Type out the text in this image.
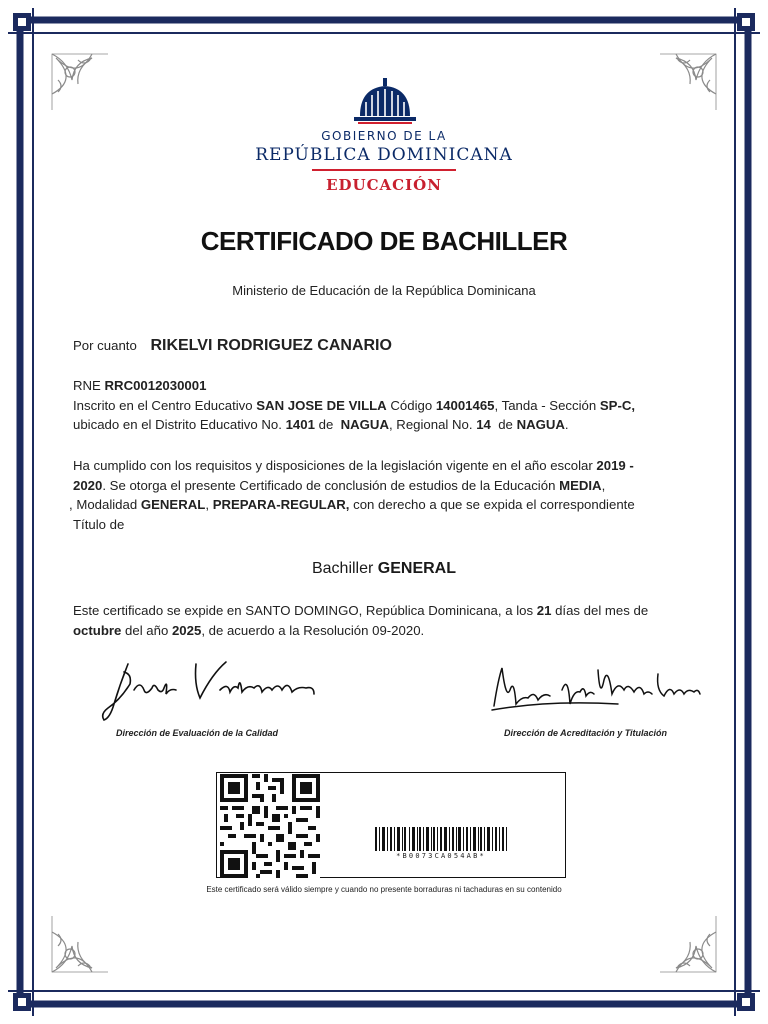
GOBIERNO DE LA
REPÚBLICA DOMINICANA
EDUCACIÓN
CERTIFICADO DE BACHILLER
Ministerio de Educación de la República Dominicana
Por cuanto RIKELVI RODRIGUEZ CANARIO
RNE RRC0012030001
Inscrito en el Centro Educativo SAN JOSE DE VILLA Código 14001465, Tanda - Sección SP-C,
ubicado en el Distrito Educativo No. 1401 de NAGUA, Regional No. 14 de NAGUA.
Ha cumplido con los requisitos y disposiciones de la legislación vigente en el año escolar 2019 -
2020. Se otorga el presente Certificado de conclusión de estudios de la Educación MEDIA,
, Modalidad GENERAL, PREPARA-REGULAR, con derecho a que se expida el correspondiente
Título de
Bachiller GENERAL
Este certificado se expide en SANTO DOMINGO, República Dominicana, a los 21 días del mes de
octubre del año 2025, de acuerdo a la Resolución 09-2020.
Dirección de Evaluación de la Calidad	Dirección de Acreditación y Titulación
*B0073CA054AB*
Este certificado será válido siempre y cuando no presente borraduras ni tachaduras en su contenido
